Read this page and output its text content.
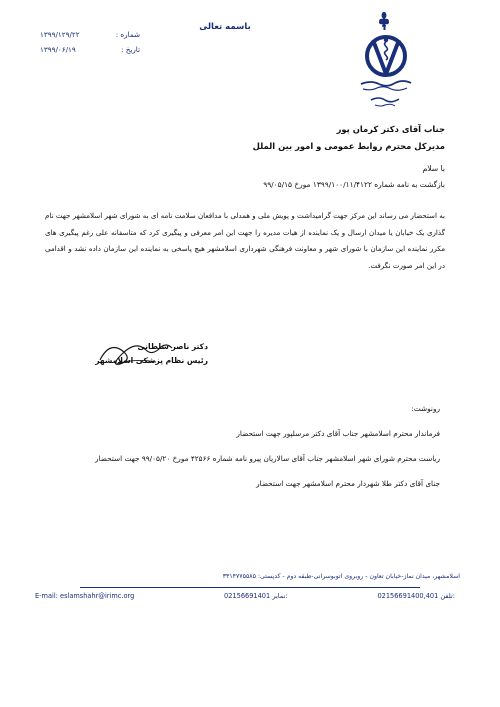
باسمه تعالی
شماره :
۱۳۹۹/۱۲۹/۲۲
تاریخ :
۱۳۹۹/۰۶/۱۹
جناب آقای دکتر کرمان پور
مدیرکل محترم روابط عمومی و امور بین الملل
با سلام
بازگشت به نامه شماره ۱۳۹۹/۱۰۰/۱۱/۴۱۲۲ مورخ ۹۹/۰۵/۱۵
به استحضار می رساند این مرکز جهت گرامیداشت و پویش ملی و همدلی با مدافعان سلامت نامه ای به شورای شهر اسلامشهر جهت نام گذاری یک خیابان یا میدان ارسال و یک نماینده از هیات مدیره را جهت این امر معرفی و پیگیری کرد که متاسفانه علی رغم پیگیری های مکرر نماینده این سازمان با شورای شهر و معاونت فرهنگی شهرداری اسلامشهر هیچ پاسخی به نماینده این سازمان داده نشد و اقدامی در این امر صورت نگرفت.
دکتر ناصر سلطانی
رئیس نظام پزشکی اسلامشهر
رونوشت:
فرماندار محترم اسلامشهر جناب آقای دکتر مرسلپور جهت استحضار
ریاست محترم شورای شهر اسلامشهر جناب آقای سالاریان پیرو نامه شماره ۴۲۵۶۶ مورخ ۹۹/۰۵/۲۰ جهت استحضار
جنای آقای دکتر طلا شهردار محترم اسلامشهر جهت استحضار
اسلامشهر، میدان نماز-خیابان تعاون - روبروی اتوبوسرانی-طبقه دوم - کدپستی: ۳۳۱۴۷۷۵۵۸۵
E-mail: eslamshahr@irimc.org	02156691401 نمابر:	02156691400,401 تلفن:
